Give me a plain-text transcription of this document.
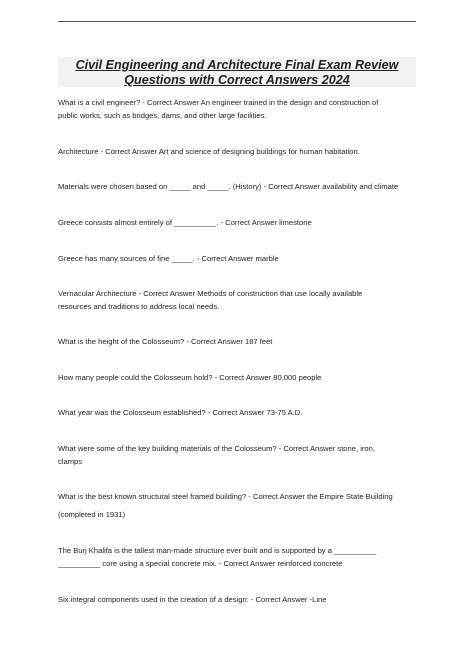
Civil Engineering and Architecture Final Exam Review
Questions with Correct Answers 2024
What is a civil engineer? - Correct Answer An engineer trained in the design and construction of
public works, such as bridges, dams, and other large facilities.
Architecture - Correct Answer Art and science of designing buildings for human habitation.
Materials were chosen based on _____ and _____. (History) - Correct Answer availability and climate
Greece consists almost entirely of __________. - Correct Answer limestone
Greece has many sources of fine _____. - Correct Answer marble
Vernacular Architecture - Correct Answer Methods of construction that use locally available
resources and traditions to address local needs.
What is the height of the Colosseum? - Correct Answer 187 feet
How many people could the Colosseum hold? - Correct Answer 80,000 people
What year was the Colosseum established? - Correct Answer 73-75 A.D.
What were some of the key building materials of the Colosseum? - Correct Answer stone, iron,
clamps
What is the best known structural steel framed building? - Correct Answer the Empire State Building
(completed in 1931)
The Burj Khalifa is the tallest man-made structure ever built and is supported by a __________
__________ core using a special concrete mix. - Correct Answer reinforced concrete
Six integral components used in the creation of a design: - Correct Answer -Line
